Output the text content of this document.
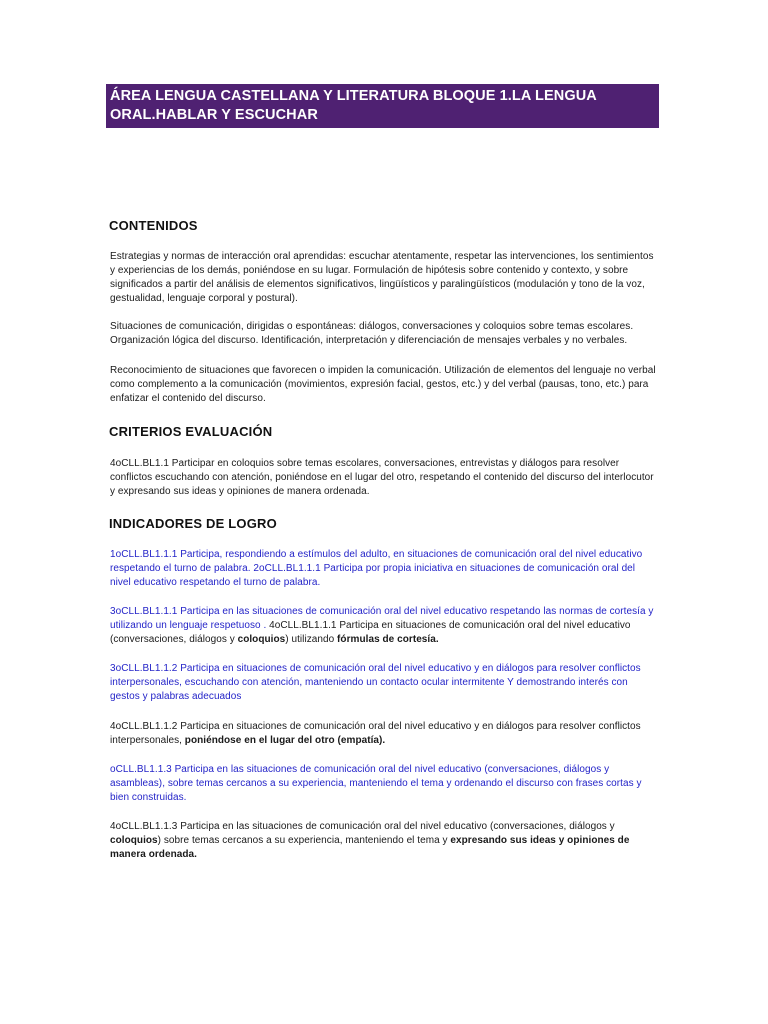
ÁREA LENGUA CASTELLANA Y LITERATURA BLOQUE 1.LA LENGUA ORAL.HABLAR Y ESCUCHAR
CONTENIDOS
Estrategias y normas de interacción oral aprendidas: escuchar atentamente, respetar las intervenciones, los sentimientos y experiencias de los demás, poniéndose en su lugar. Formulación de hipótesis sobre contenido y contexto, y sobre significados a partir del análisis de elementos significativos, lingüísticos y paralingüísticos (modulación y tono de la voz, gestualidad, lenguaje corporal y postural).
Situaciones de comunicación, dirigidas o espontáneas: diálogos, conversaciones y coloquios sobre temas escolares. Organización lógica del discurso. Identificación, interpretación y diferenciación de mensajes verbales y no verbales.
Reconocimiento de situaciones que favorecen o impiden la comunicación. Utilización de elementos del lenguaje no verbal como complemento a la comunicación (movimientos, expresión facial, gestos, etc.) y del verbal (pausas, tono, etc.) para enfatizar el contenido del discurso.
CRITERIOS EVALUACIÓN
4oCLL.BL1.1 Participar en coloquios sobre temas escolares, conversaciones, entrevistas y diálogos para resolver conflictos escuchando con atención, poniéndose en el lugar del otro, respetando el contenido del discurso del interlocutor y expresando sus ideas y opiniones de manera ordenada.
INDICADORES DE LOGRO
1oCLL.BL1.1.1 Participa, respondiendo a estímulos del adulto, en situaciones de comunicación oral del nivel educativo respetando el turno de palabra. 2oCLL.BL1.1.1 Participa por propia iniciativa en situaciones de comunicación oral del nivel educativo respetando el turno de palabra.
3oCLL.BL1.1.1 Participa en las situaciones de comunicación oral del nivel educativo respetando las normas de cortesía y utilizando un lenguaje respetuoso . 4oCLL.BL1.1.1 Participa en situaciones de comunicación oral del nivel educativo (conversaciones, diálogos y coloquios) utilizando fórmulas de cortesía.
3oCLL.BL1.1.2 Participa en situaciones de comunicación oral del nivel educativo y en diálogos para resolver conflictos interpersonales, escuchando con atención, manteniendo un contacto ocular intermitente Y demostrando interés con gestos y palabras adecuados
4oCLL.BL1.1.2 Participa en situaciones de comunicación oral del nivel educativo y en diálogos para resolver conflictos interpersonales, poniéndose en el lugar del otro (empatía).
oCLL.BL1.1.3 Participa en las situaciones de comunicación oral del nivel educativo (conversaciones, diálogos y asambleas), sobre temas cercanos a su experiencia, manteniendo el tema y ordenando el discurso con frases cortas y bien construidas.
4oCLL.BL1.1.3 Participa en las situaciones de comunicación oral del nivel educativo (conversaciones, diálogos y coloquios) sobre temas cercanos a su experiencia, manteniendo el tema y expresando sus ideas y opiniones de manera ordenada.
